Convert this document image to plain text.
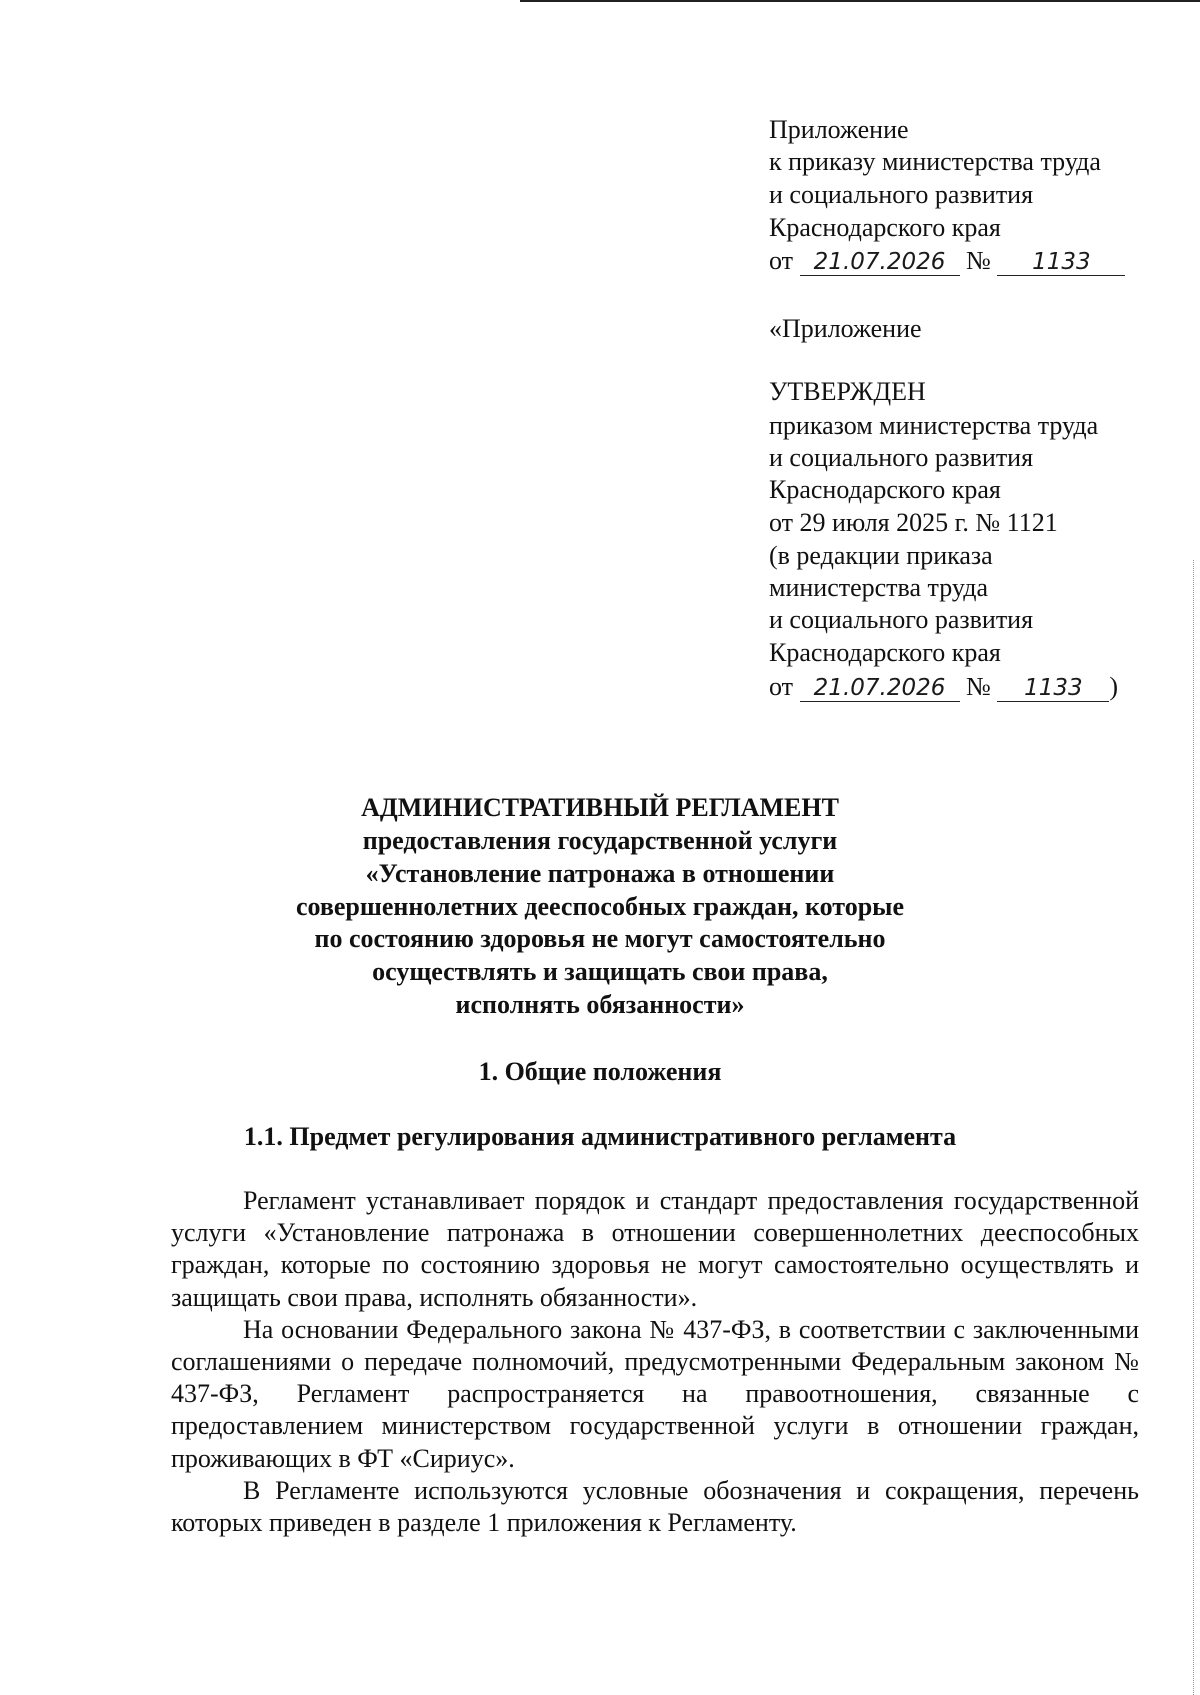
Приложение
к приказу министерства труда
и социального развития
Краснодарского края
от 21.07.2026 № 1133
«Приложение
УТВЕРЖДЕН
приказом министерства труда
и социального развития
Краснодарского края
от 29 июля 2025 г. № 1121
(в редакции приказа
министерства труда
и социального развития
Краснодарского края
от 21.07.2026 № 1133 )
АДМИНИСТРАТИВНЫЙ РЕГЛАМЕНТ
предоставления государственной услуги
«Установление патронажа в отношении
совершеннолетних дееспособных граждан, которые
по состоянию здоровья не могут самостоятельно
осуществлять и защищать свои права,
исполнять обязанности»
1. Общие положения
1.1. Предмет регулирования административного регламента

Регламент устанавливает порядок и стандарт предоставления государственной услуги «Установление патронажа в отношении совершеннолетних дееспособных граждан, которые по состоянию здоровья не могут самостоятельно осуществлять и защищать свои права, исполнять обязанности».

На основании Федерального закона № 437-ФЗ, в соответствии с заключенными соглашениями о передаче полномочий, предусмотренными Федеральным законом № 437-ФЗ, Регламент распространяется на правоотношения, связанные с предоставлением министерством государственной услуги в отношении граждан, проживающих в ФТ «Сириус».

В Регламенте используются условные обозначения и сокращения, перечень которых приведен в разделе 1 приложения к Регламенту.
